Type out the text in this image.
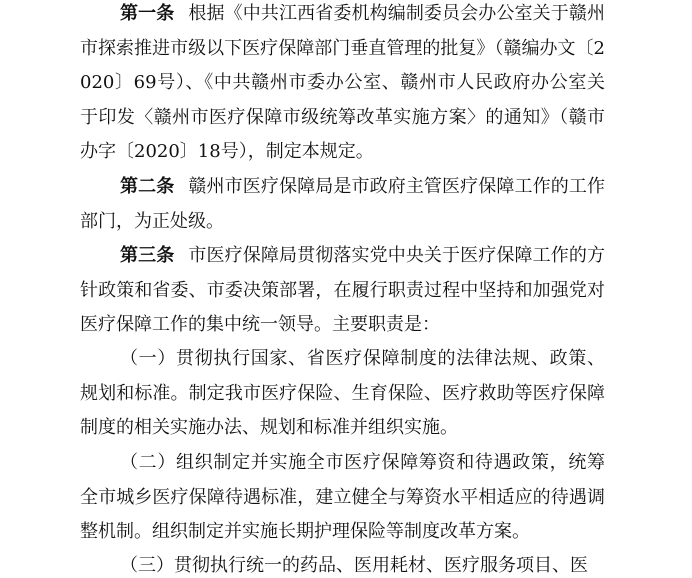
第一条 根据《中共江西省委机构编制委员会办公室关于赣州市探索推进市级以下医疗保障部门垂直管理的批复》（赣编办文〔2020〕69号）、《中共赣州市委办公室、赣州市人民政府办公室关于印发〈赣州市医疗保障市级统筹改革实施方案〉的通知》（赣市办字〔2020〕18号），制定本规定。

第二条 赣州市医疗保障局是市政府主管医疗保障工作的工作部门，为正处级。

第三条 市医疗保障局贯彻落实党中央关于医疗保障工作的方针政策和省委、市委决策部署，在履行职责过程中坚持和加强党对医疗保障工作的集中统一领导。主要职责是：

（一）贯彻执行国家、省医疗保障制度的法律法规、政策、规划和标准。制定我市医疗保险、生育保险、医疗救助等医疗保障制度的相关实施办法、规划和标准并组织实施。

（二）组织制定并实施全市医疗保障筹资和待遇政策，统筹全市城乡医疗保障待遇标准，建立健全与筹资水平相适应的待遇调整机制。组织制定并实施长期护理保险等制度改革方案。

（三）贯彻执行统一的药品、医用耗材、医疗服务项目、医
